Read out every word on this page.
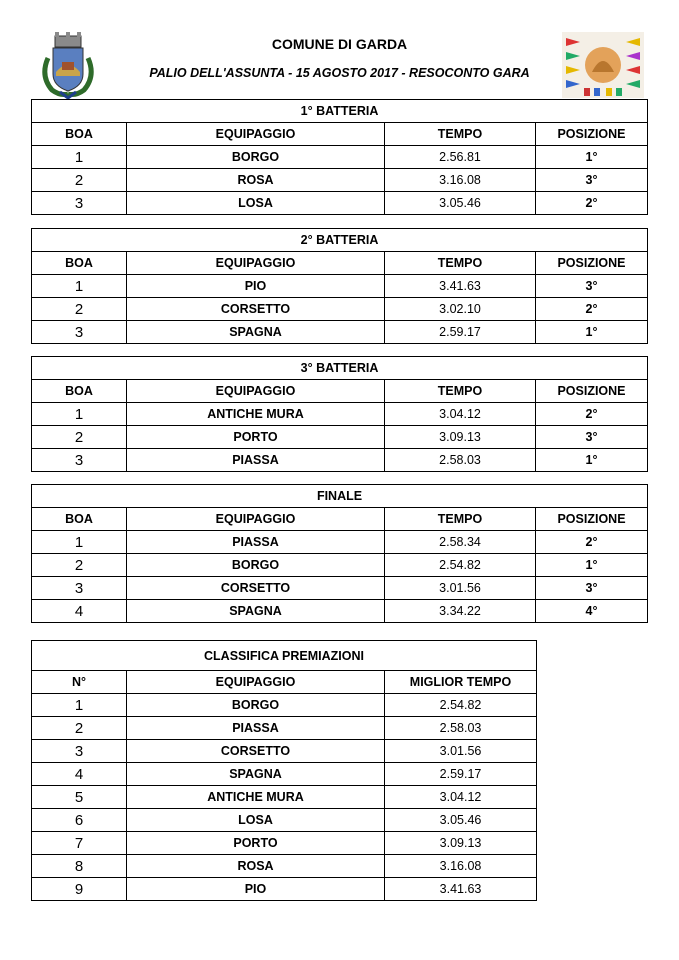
COMUNE DI GARDA
PALIO DELL'ASSUNTA - 15 AGOSTO 2017 - RESOCONTO GARA
1° BATTERIA			
BOA	EQUIPAGGIO	TEMPO	POSIZIONE
1	BORGO	2.56.81	1°
2	ROSA	3.16.08	3°
3	LOSA	3.05.46	2°
2° BATTERIA			
BOA	EQUIPAGGIO	TEMPO	POSIZIONE
1	PIO	3.41.63	3°
2	CORSETTO	3.02.10	2°
3	SPAGNA	2.59.17	1°
3° BATTERIA			
BOA	EQUIPAGGIO	TEMPO	POSIZIONE
1	ANTICHE MURA	3.04.12	2°
2	PORTO	3.09.13	3°
3	PIASSA	2.58.03	1°
FINALE			
BOA	EQUIPAGGIO	TEMPO	POSIZIONE
1	PIASSA	2.58.34	2°
2	BORGO	2.54.82	1°
3	CORSETTO	3.01.56	3°
4	SPAGNA	3.34.22	4°
CLASSIFICA PREMIAZIONI		
N°	EQUIPAGGIO	MIGLIOR TEMPO
1	BORGO	2.54.82
2	PIASSA	2.58.03
3	CORSETTO	3.01.56
4	SPAGNA	2.59.17
5	ANTICHE MURA	3.04.12
6	LOSA	3.05.46
7	PORTO	3.09.13
8	ROSA	3.16.08
9	PIO	3.41.63
